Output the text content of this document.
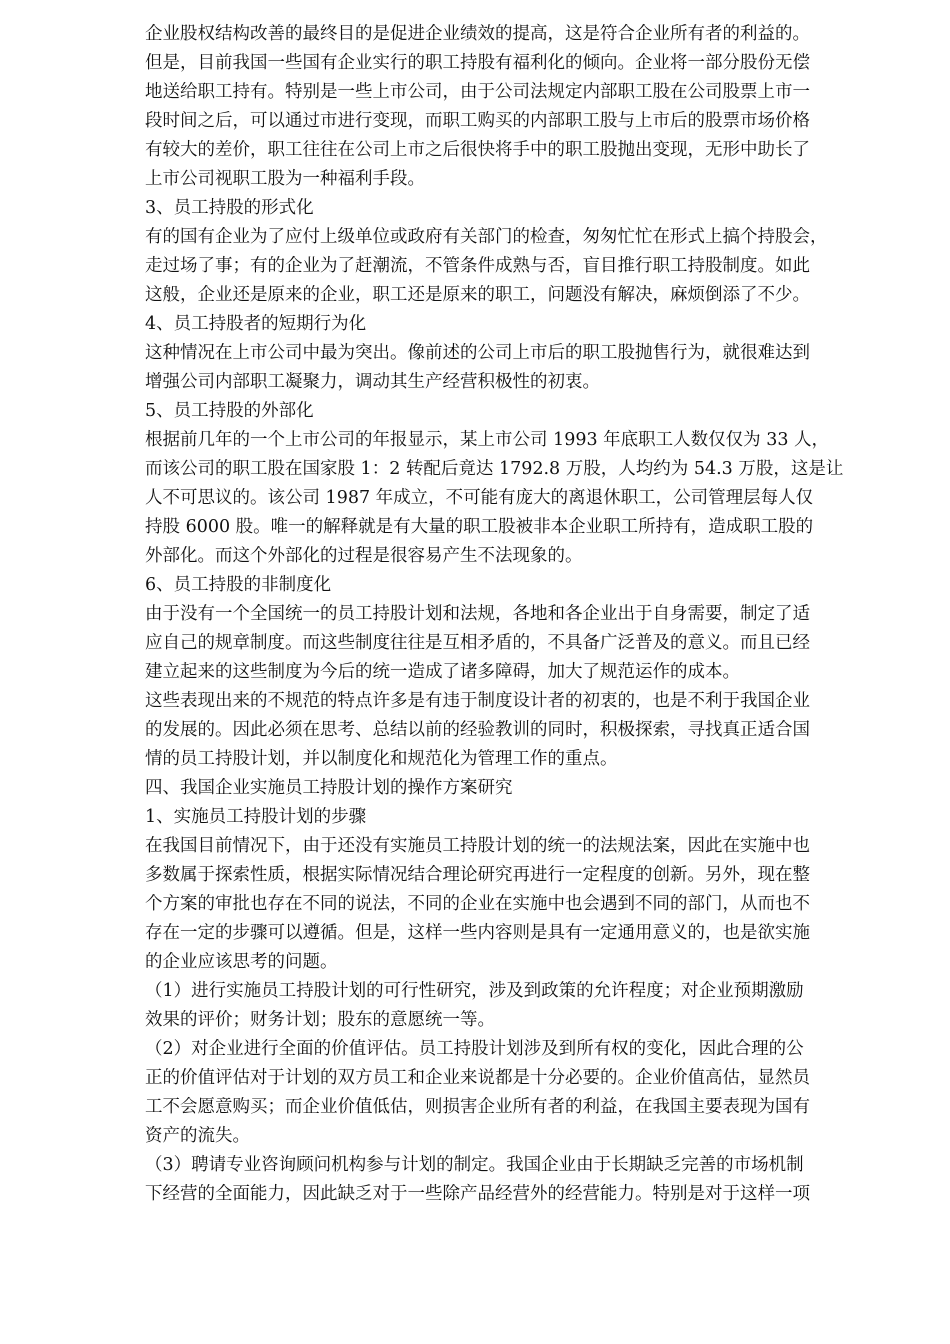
企业股权结构改善的最终目的是促进企业绩效的提高，这是符合企业所有者的利益的。
但是，目前我国一些国有企业实行的职工持股有福利化的倾向。企业将一部分股份无偿
地送给职工持有。特别是一些上市公司，由于公司法规定内部职工股在公司股票上市一
段时间之后，可以通过市进行变现，而职工购买的内部职工股与上市后的股票市场价格
有较大的差价，职工往往在公司上市之后很快将手中的职工股抛出变现，无形中助长了
上市公司视职工股为一种福利手段。
3、员工持股的形式化
有的国有企业为了应付上级单位或政府有关部门的检查，匆匆忙忙在形式上搞个持股会，
走过场了事；有的企业为了赶潮流，不管条件成熟与否，盲目推行职工持股制度。如此
这般，企业还是原来的企业，职工还是原来的职工，问题没有解决，麻烦倒添了不少。
4、员工持股者的短期行为化
这种情况在上市公司中最为突出。像前述的公司上市后的职工股抛售行为，就很难达到
增强公司内部职工凝聚力，调动其生产经营积极性的初衷。
5、员工持股的外部化
根据前几年的一个上市公司的年报显示，某上市公司 1993 年底职工人数仅仅为 33 人，
而该公司的职工股在国家股 1：2 转配后竟达 1792.8 万股，人均约为 54.3 万股，这是让
人不可思议的。该公司 1987 年成立，不可能有庞大的离退休职工，公司管理层每人仅
持股 6000 股。唯一的解释就是有大量的职工股被非本企业职工所持有，造成职工股的
外部化。而这个外部化的过程是很容易产生不法现象的。
6、员工持股的非制度化
由于没有一个全国统一的员工持股计划和法规，各地和各企业出于自身需要，制定了适
应自己的规章制度。而这些制度往往是互相矛盾的，不具备广泛普及的意义。而且已经
建立起来的这些制度为今后的统一造成了诸多障碍，加大了规范运作的成本。
这些表现出来的不规范的特点许多是有违于制度设计者的初衷的，也是不利于我国企业
的发展的。因此必须在思考、总结以前的经验教训的同时，积极探索，寻找真正适合国
情的员工持股计划，并以制度化和规范化为管理工作的重点。
四、我国企业实施员工持股计划的操作方案研究
1、实施员工持股计划的步骤
在我国目前情况下，由于还没有实施员工持股计划的统一的法规法案，因此在实施中也
多数属于探索性质，根据实际情况结合理论研究再进行一定程度的创新。另外，现在整
个方案的审批也存在不同的说法，不同的企业在实施中也会遇到不同的部门，从而也不
存在一定的步骤可以遵循。但是，这样一些内容则是具有一定通用意义的，也是欲实施
的企业应该思考的问题。
（1）进行实施员工持股计划的可行性研究，涉及到政策的允许程度；对企业预期激励
效果的评价；财务计划；股东的意愿统一等。
（2）对企业进行全面的价值评估。员工持股计划涉及到所有权的变化，因此合理的公
正的价值评估对于计划的双方员工和企业来说都是十分必要的。企业价值高估，显然员
工不会愿意购买；而企业价值低估，则损害企业所有者的利益，在我国主要表现为国有
资产的流失。
（3）聘请专业咨询顾问机构参与计划的制定。我国企业由于长期缺乏完善的市场机制
下经营的全面能力，因此缺乏对于一些除产品经营外的经营能力。特别是对于这样一项
